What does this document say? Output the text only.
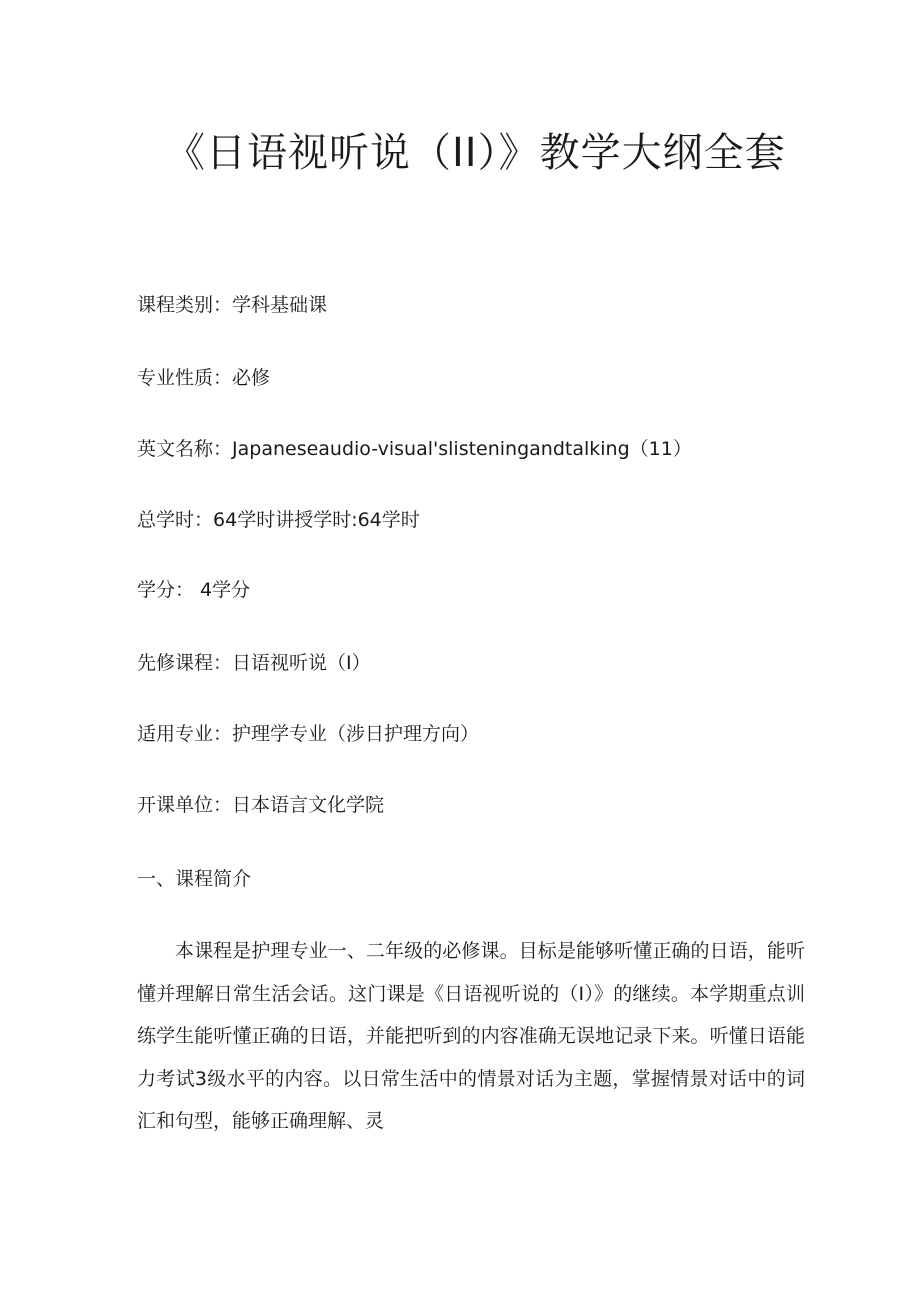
《日语视听说（II）》教学大纲全套

课程类别：学科基础课

专业性质：必修

英文名称：Japaneseaudio-visual'slisteningandtalking（11）

总学时：64学时讲授学时:64学时

学分： 4学分

先修课程：日语视听说（I）

适用专业：护理学专业（涉日护理方向）

开课单位：日本语言文化学院

一、课程简介

本课程是护理专业一、二年级的必修课。目标是能够听懂正确的日语，能听懂并理解日常生活会话。这门课是《日语视听说的（I）》的继续。本学期重点训练学生能听懂正确的日语，并能把听到的内容准确无误地记录下来。听懂日语能力考试3级水平的内容。以日常生活中的情景对话为主题，掌握情景对话中的词汇和句型，能够正确理解、灵
